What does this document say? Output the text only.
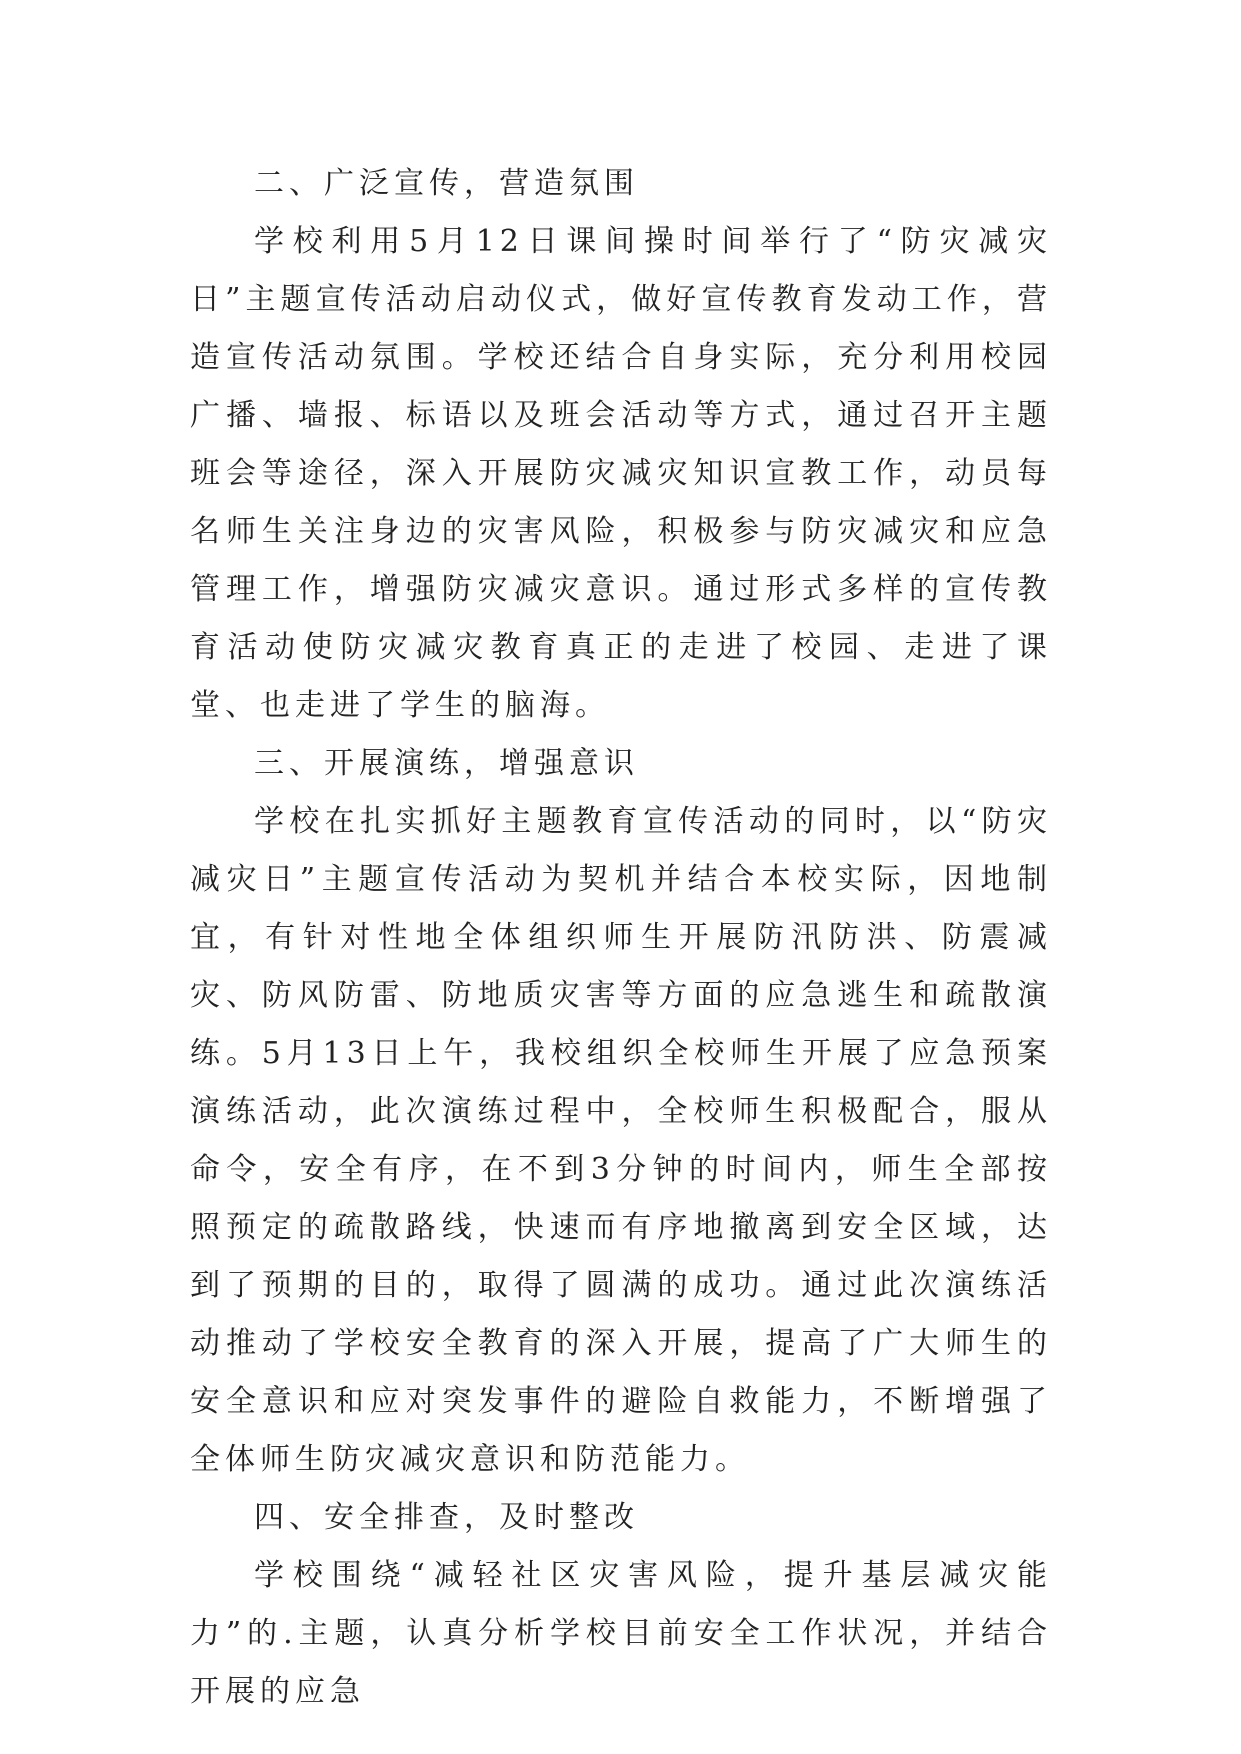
二、广泛宣传，营造氛围

学校利用5月12日课间操时间举行了“防灾减灾日”主题宣传活动启动仪式，做好宣传教育发动工作，营造宣传活动氛围。学校还结合自身实际，充分利用校园广播、墙报、标语以及班会活动等方式，通过召开主题班会等途径，深入开展防灾减灾知识宣教工作，动员每名师生关注身边的灾害风险，积极参与防灾减灾和应急管理工作，增强防灾减灾意识。通过形式多样的宣传教育活动使防灾减灾教育真正的走进了校园、走进了课堂、也走进了学生的脑海。

三、开展演练，增强意识

学校在扎实抓好主题教育宣传活动的同时，以“防灾减灾日”主题宣传活动为契机并结合本校实际，因地制宜，有针对性地全体组织师生开展防汛防洪、防震减灾、防风防雷、防地质灾害等方面的应急逃生和疏散演练。5月13日上午，我校组织全校师生开展了应急预案演练活动，此次演练过程中，全校师生积极配合，服从命令，安全有序，在不到3分钟的时间内，师生全部按照预定的疏散路线，快速而有序地撤离到安全区域，达到了预期的目的，取得了圆满的成功。通过此次演练活动推动了学校安全教育的深入开展，提高了广大师生的安全意识和应对突发事件的避险自救能力，不断增强了全体师生防灾减灾意识和防范能力。

四、安全排查，及时整改

学校围绕“减轻社区灾害风险，提升基层减灾能力”的.主题，认真分析学校目前安全工作状况，并结合开展的应急
